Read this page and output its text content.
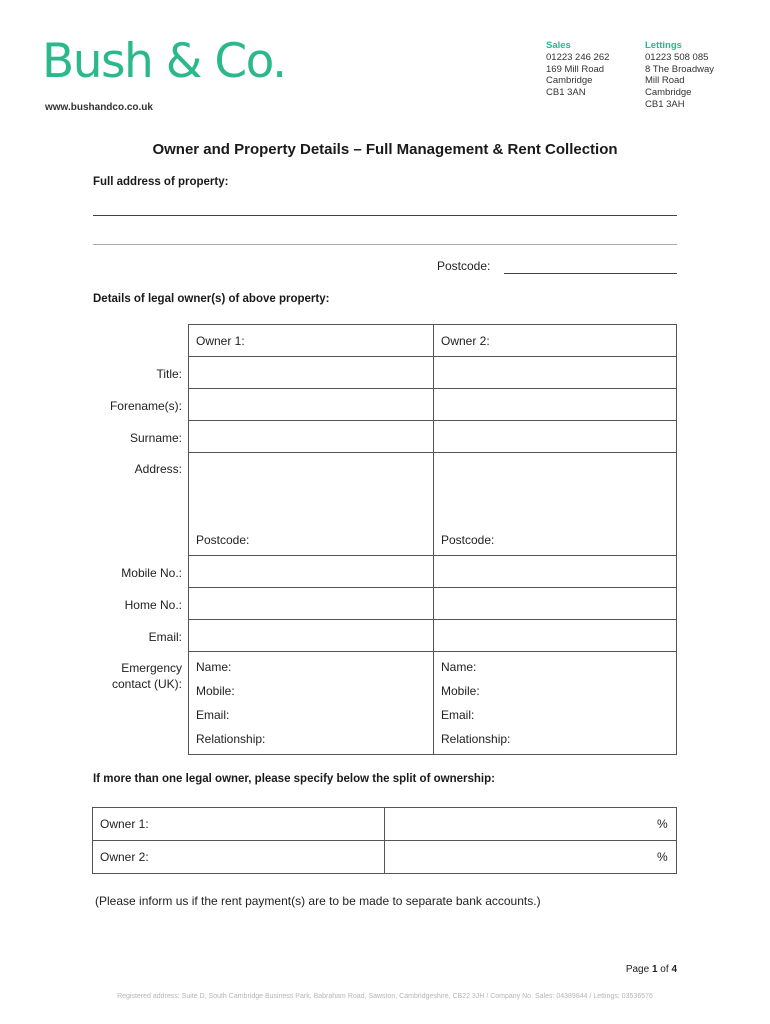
Bush & Co.
www.bushandco.co.uk
Sales
01223 246 262
169 Mill Road
Cambridge
CB1 3AN
Lettings
01223 508 085
8 The Broadway
Mill Road
Cambridge
CB1 3AH
Owner and Property Details – Full Management & Rent Collection
Full address of property:
Postcode:
Details of legal owner(s) of above property:
Owner 1:	Owner 2:
Title:
Forename(s):
Surname:
Address:
Mobile No.:
Home No.:
Email:
Emergency
contact (UK):
Postcode:	Postcode:
Name:
Mobile:
Email:
Relationship:
Name:
Mobile:
Email:
Relationship:
If more than one legal owner, please specify below the split of ownership:
Owner 1:
Owner 2:
%
%
(Please inform us if the rent payment(s) are to be made to separate bank accounts.)
Page 1 of 4
Registered address: Suite D, South Cambridge Business Park, Babraham Road, Sawston, Cambridgeshire, CB22 3JH / Company No. Sales: 04389844 / Lettings: 03536576
